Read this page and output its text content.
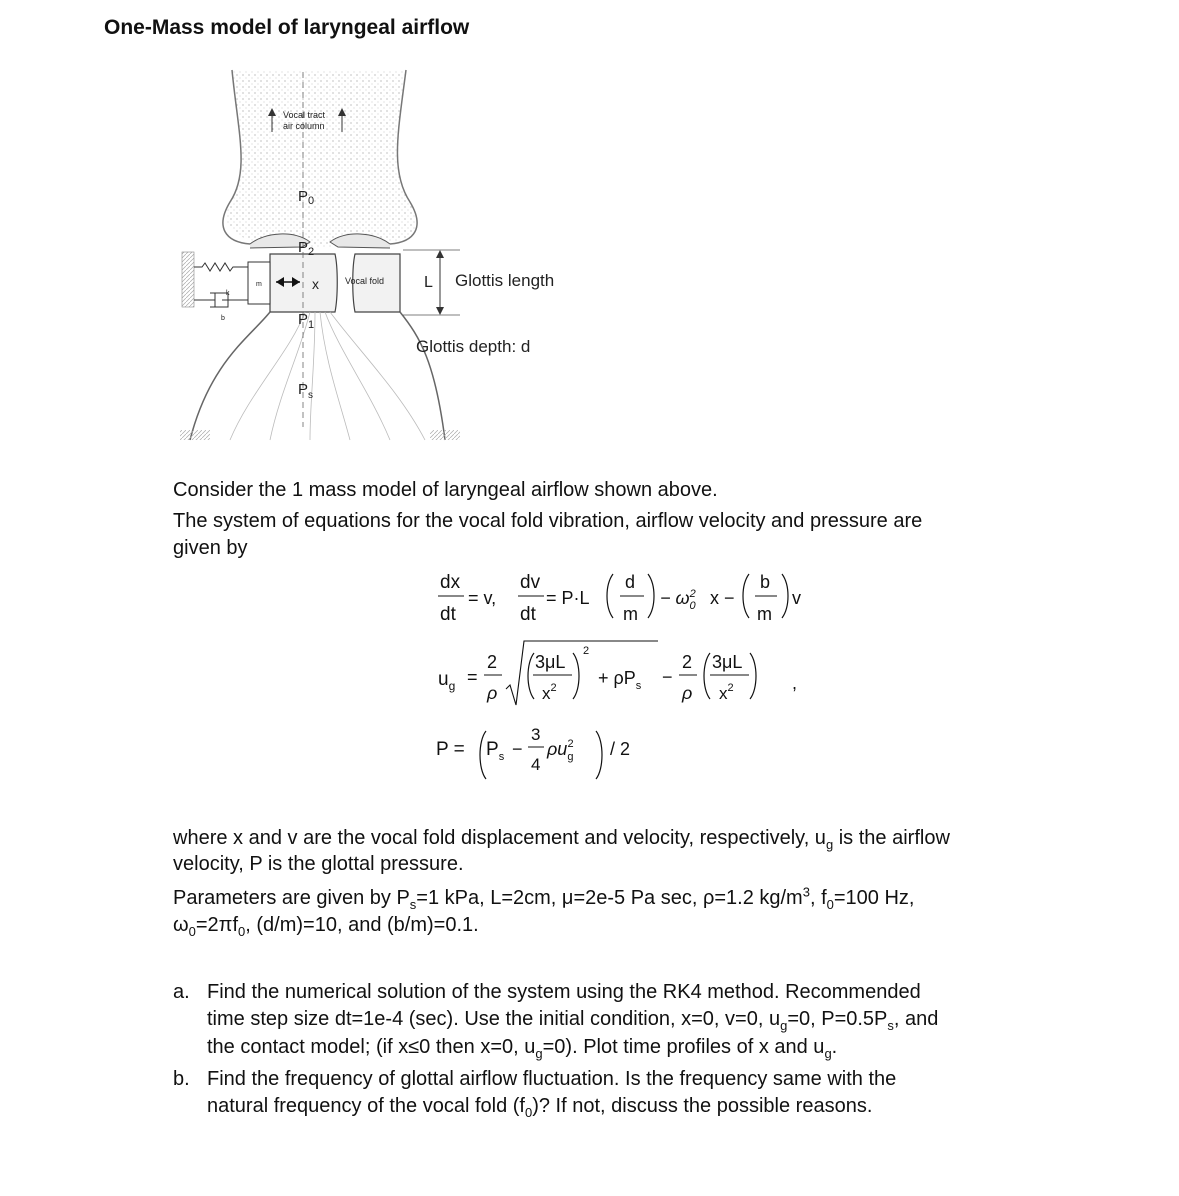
One-Mass model of laryngeal airflow
Vocal tract
air column
$P_0$
$P_2$
x
k
m
b
Vocal fold
$P_1$
$P_s$
L Glottis length
Glottis depth: d
Consider the 1 mass model of laryngeal airflow shown above.
The system of equations for the vocal fold vibration, airflow velocity and pressure are
given by
dx
dt
= v,
dv
dt
= P·L
d
m
− $\omega_02$ x −
b
m
v
$u_g$ =
2
ρ
3μL
$x^2$
2
+ $\rho P_s$ −
2
ρ
3μL
$x^2$	,
$P = P_s$ −
3
4
$\rho u_g2 / 2$
where x and v are the vocal fold displacement and velocity, respectively, $u_g$ is the airflow
velocity, P is the glottal pressure.
Parameters are given by $P_s=1$ kPa, L=2cm, μ=2e-5 Pa sec, ρ=1.2 $kg/m^3$, $f_0=100$ Hz,
$\omega_0=2\pi f_0$, (d/m)=10, and (b/m)=0.1.
a. Find the numerical solution of the system using the RK4 method. Recommended
time step size dt=1e-4 (sec). Use the initial condition, x=0, v=0, $u_g=0$, $P=0.5P_s$, and
the contact model; (if x≤0 then x=0, $u_g=0$). Plot time profiles of x and $u_g$.
b. Find the frequency of glottal airflow fluctuation. Is the frequency same with the
natural frequency of the vocal fold $(f_0)$? If not, discuss the possible reasons.
